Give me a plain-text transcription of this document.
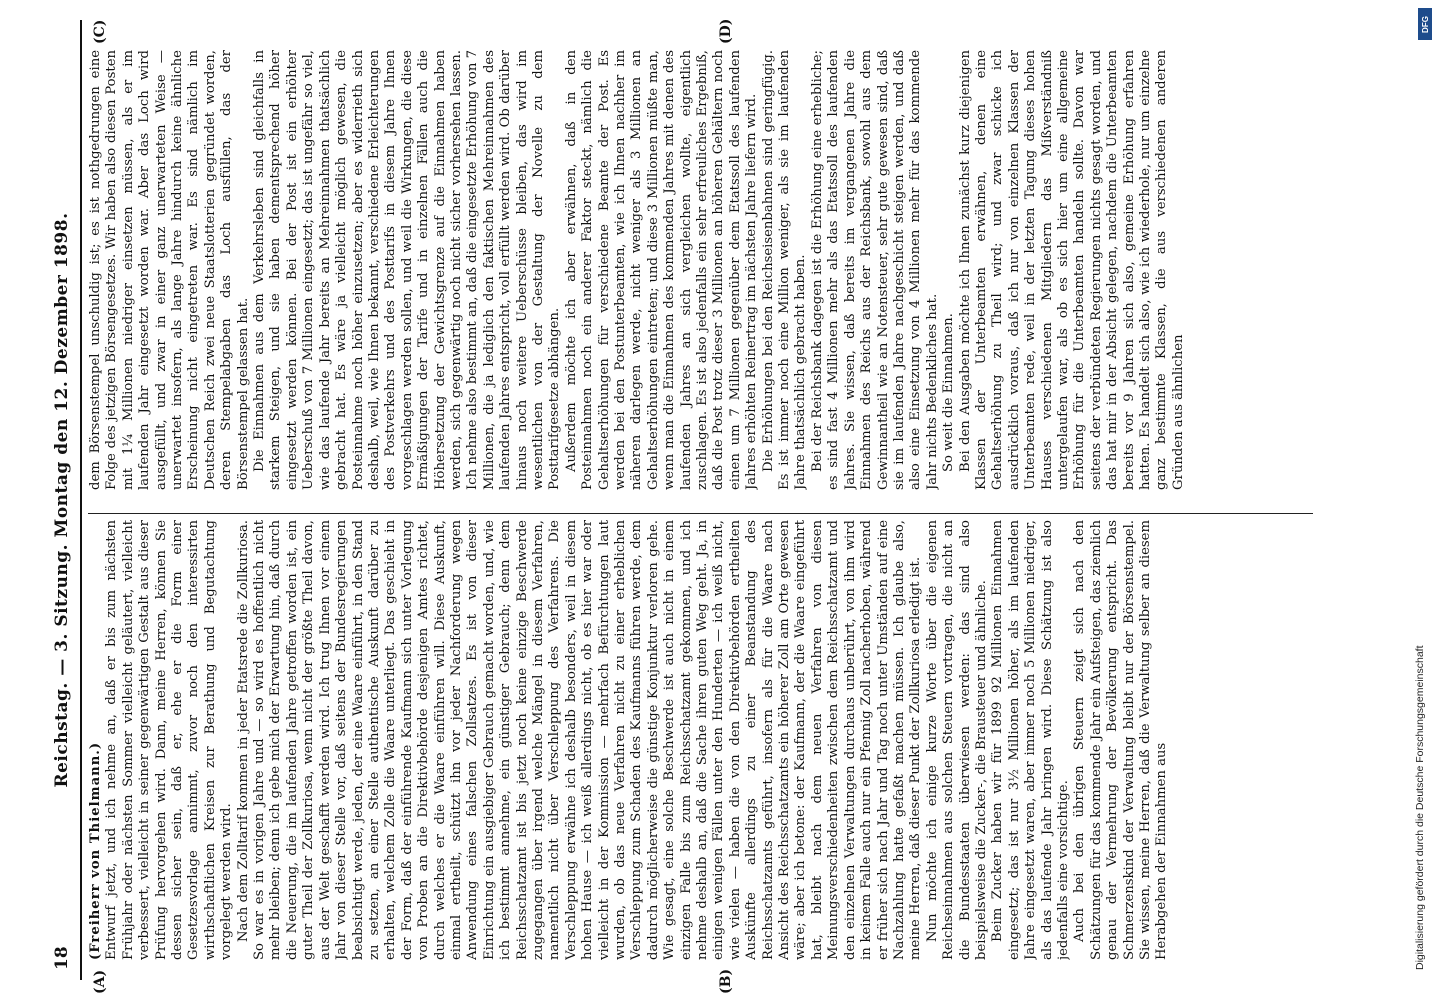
18
Reichstag. — 3. Sitzung. Montag den 12. Dezember 1898.
(A)	(B)
(C)	(D)

(Freiherr von Thielmann.) Entwurf jetzt, und ich nehme an, daß er bis zum nächsten Frühjahr oder nächsten Sommer vielleicht geläutert, vielleicht verbessert, vielleicht in seiner gegenwärtigen Gestalt aus dieser Prüfung hervorgehen wird. Dann, meine Herren, können Sie dessen sicher sein, daß er, ehe er die Form einer Gesetzesvorlage annimmt, zuvor noch den interessirten wirthschaftlichen Kreisen zur Berathung und Begutachtung vorgelegt werden wird. Nach dem Zolltarif kommen in jeder Etatsrede die Zollkuriosa. So war es in vorigen Jahre und — so wird es hoffentlich nicht mehr bleiben; denn ich gebe mich der Erwartung hin, daß durch die Neuerung, die im laufenden Jahre getroffen worden ist, ein guter Theil der Zollkuriosa, wenn nicht der größte Theil davon, aus der Welt geschafft werden wird. Ich trug Ihnen vor einem Jahr von dieser Stelle vor, daß seitens der Bundesregierungen beabsichtigt werde, jeden, der eine Waare einführt, in den Stand zu setzen, an einer Stelle authentische Auskunft darüber zu erhalten, welchem Zolle die Waare unterliegt. Das geschieht in der Form, daß der einführende Kaufmann sich unter Vorlegung von Proben an die Direktivbehörde desjenigen Amtes richtet, durch welches er die Waare einführen will. Diese Auskunft, einmal ertheilt, schützt ihn vor jeder Nachforderung wegen Anwendung eines falschen Zollsatzes. Es ist von dieser Einrichtung ein ausgiebiger Gebrauch gemacht worden, und, wie ich bestimmt annehme, ein günstiger Gebrauch; denn dem Reichsschatzamt ist bis jetzt noch keine einzige Beschwerde zugegangen über irgend welche Mängel in diesem Verfahren, namentlich nicht über Verschleppung des Verfahrens. Die Verschleppung erwähne ich deshalb besonders, weil in diesem hohen Hause — ich weiß allerdings nicht, ob es hier war oder vielleicht in der Kommission — mehrfach Befürchtungen laut wurden, ob das neue Verfahren nicht zu einer erheblichen Verschleppung zum Schaden des Kaufmanns führen werde, dem dadurch möglicherweise die günstige Konjunktur verloren gehe. Wie gesagt, eine solche Beschwerde ist auch nicht in einem einzigen Falle bis zum Reichsschatzamt gekommen, und ich nehme deshalb an, daß die Sache ihren guten Weg geht. Ja, in einigen wenigen Fällen unter den Hunderten — ich weiß nicht, wie vielen — haben die von den Direktivbehörden ertheilten Auskünfte allerdings zu einer Beanstandung des Reichsschatzamts geführt, insofern als für die Waare nach Ansicht des Reichsschatzamts ein höherer Zoll am Orte gewesen wäre; aber ich betone: der Kaufmann, der die Waare eingeführt hat, bleibt nach dem neuen Verfahren von diesen Meinungsverschiedenheiten zwischen dem Reichsschatzamt und den einzelnen Verwaltungen durchaus unberührt, von ihm wird in keinem Falle auch nur ein Pfennig Zoll nacherhoben, während er früher sich nach Jahr und Tag noch unter Umständen auf eine Nachzahlung hatte gefaßt machen müssen. Ich glaube also, meine Herren, daß dieser Punkt der Zollkuriosa erledigt ist. Nun möchte ich einige kurze Worte über die eigenen Reichseinnahmen aus solchen Steuern vortragen, die nicht an die Bundesstaaten überwiesen werden: das sind also beispielsweise die Zucker-, die Brausteuer und ähnliche. Beim Zucker haben wir für 1899 92 Millionen Einnahmen eingesetzt; das ist nur 3½ Millionen höher, als im laufenden Jahre eingesetzt waren, aber immer noch 5 Millionen niedriger, als das laufende Jahr bringen wird. Diese Schätzung ist also jedenfalls eine vorsichtige. Auch bei den übrigen Steuern zeigt sich nach den Schätzungen für das kommende Jahr ein Aufsteigen, das ziemlich genau der Vermehrung der Bevölkerung entspricht. Das Schmerzenskind der Verwaltung bleibt nur der Börsenstempel. Sie wissen, meine Herren, daß die Verwaltung selber an diesem Herabgehen der Einnahmen aus

dem Börsenstempel unschuldig ist; es ist nothgedrungen eine Folge des jetzigen Börsengesetzes. Wir haben also diesen Posten mit 1¼ Millionen niedriger einsetzen müssen, als er im laufenden Jahr eingesetzt worden war. Aber das Loch wird ausgefüllt, und zwar in einer ganz unerwarteten Weise — unerwartet insofern, als lange Jahre hindurch keine ähnliche Erscheinung nicht eingetreten war. Es sind nämlich im Deutschen Reich zwei neue Staatslotterien gegründet worden, deren Stempelabgaben das Loch ausfüllen, das der Börsenstempel gelassen hat. Die Einnahmen aus dem Verkehrsleben sind gleichfalls in starkem Steigen, und sie haben dementsprechend höher eingesetzt werden können. Bei der Post ist ein erhöhter Ueberschuß von 7 Millionen eingesetzt; das ist ungefähr so viel, wie das laufende Jahr bereits an Mehreinnahmen thatsächlich gebracht hat. Es wäre ja vielleicht möglich gewesen, die Posteinnahme noch höher einzusetzen; aber es widerrieth sich deshalb, weil, wie Ihnen bekannt, verschiedene Erleichterungen des Postverkehrs und des Posttarifs in diesem Jahre Ihnen vorgeschlagen werden sollen, und weil die Wirkungen, die diese Ermäßigungen der Tarife und in einzelnen Fällen auch die Höhersetzung der Gewichtsgrenze auf die Einnahmen haben werden, sich gegenwärtig noch nicht sicher vorhersehen lassen. Ich nehme also bestimmt an, daß die eingesetzte Erhöhung von 7 Millionen, die ja lediglich den faktischen Mehreinnahmen des laufenden Jahres entspricht, voll erfüllt werden wird. Ob darüber hinaus noch weitere Ueberschüsse bleiben, das wird im wesentlichen von der Gestaltung der Novelle zu dem Posttarifgesetze abhängen. Außerdem möchte ich aber erwähnen, daß in den Posteinnahmen noch ein anderer Faktor steckt, nämlich die Gehaltserhöhungen für verschiedene Beamte der Post. Es werden bei den Postunterbeamten, wie ich Ihnen nachher im näheren darlegen werde, nicht weniger als 3 Millionen an Gehaltserhöhungen eintreten; und diese 3 Millionen müßte man, wenn man die Einnahmen des kommenden Jahres mit denen des laufenden Jahres an sich vergleichen wollte, eigentlich zuschlagen. Es ist also jedenfalls ein sehr erfreuliches Ergebniß, daß die Post trotz dieser 3 Millionen an höheren Gehältern noch einen um 7 Millionen gegenüber dem Etatssoll des laufenden Jahres erhöhten Reinertrag im nächsten Jahre liefern wird. Die Erhöhungen bei den Reichseisenbahnen sind geringfügig. Es ist immer noch eine Million weniger, als sie im laufenden Jahre thatsächlich gebracht haben. Bei der Reichsbank dagegen ist die Erhöhung eine erhebliche; es sind fast 4 Millionen mehr als das Etatssoll des laufenden Jahres. Sie wissen, daß bereits im vergangenen Jahre die Einnahmen des Reichs aus der Reichsbank, sowohl aus dem Gewinnantheil wie an Notensteuer, sehr gute gewesen sind, daß sie im laufenden Jahre nachgeschicht steigen werden, und daß also eine Einsetzung von 4 Millionen mehr für das kommende Jahr nichts Bedenkliches hat. So weit die Einnahmen. Bei den Ausgaben möchte ich Ihnen zunächst kurz diejenigen Klassen der Unterbeamten erwähnen, denen eine Gehaltserhöhung zu Theil wird; und zwar schicke ich ausdrücklich voraus, daß ich nur von einzelnen Klassen der Unterbeamten rede, weil in der letzten Tagung dieses hohen Hauses verschiedenen Mitgliedern das Mißverständniß untergelaufen war, als ob es sich hier um eine allgemeine Erhöhung für die Unterbeamten handeln sollte. Davon war seitens der verbündeten Regierungen nichts gesagt worden, und das hat mir in der Absicht gelegen, nachdem die Unterbeamten bereits vor 9 Jahren sich also, gemeine Erhöhung erfahren hatten. Es handelt sich also, wie ich wiederhole, nur um einzelne ganz bestimmte Klassen, die aus verschiedenen anderen Gründen aus ähnlichen

DFG
Digitalisierung gefördert durch die Deutsche Forschungsgemeinschaft
